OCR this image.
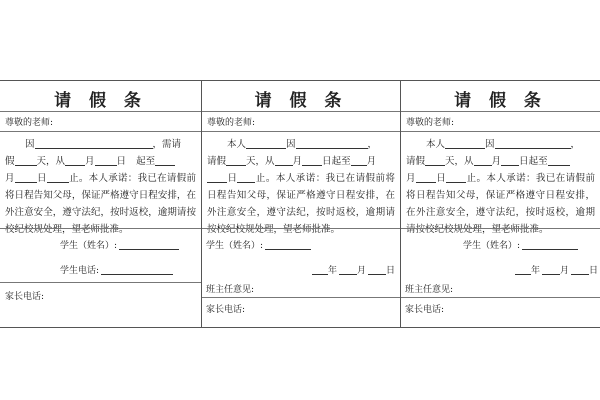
请 假 条
尊敬的老师:
因	，需请
假 天，从 月 日 起至
月 日 止。本人承诺：我已在请假前将日程告知父母，保证严格遵守日程安排，在外注意安全，遵守法纪，按时返校，逾期请按校纪校规处理，望老师批准。
学生（姓名）:
学生电话:
家长电话:
请 假 条
尊敬的老师:
本人	因	，
请假 天，从 月 日起至 月
日 止。本人承诺：我已在请假前将日程告知父母，保证严格遵守日程安排，在外注意安全，遵守法纪，按时返校，逾期请按校纪校规处理，望老师批准。
学生（姓名）:
年 月 日
班主任意见:
家长电话:
请 假 条
尊敬的老师:
本人	因	，
请假 天，从 月 日起至
月 日 止。本人承诺：我已在请假前将日程告知父母，保证严格遵守日程安排，在外注意安全，遵守法纪，按时返校，逾期请按校纪校规处理，望老师批准。
学生（姓名）:
年 月 日
班主任意见:
家长电话:
